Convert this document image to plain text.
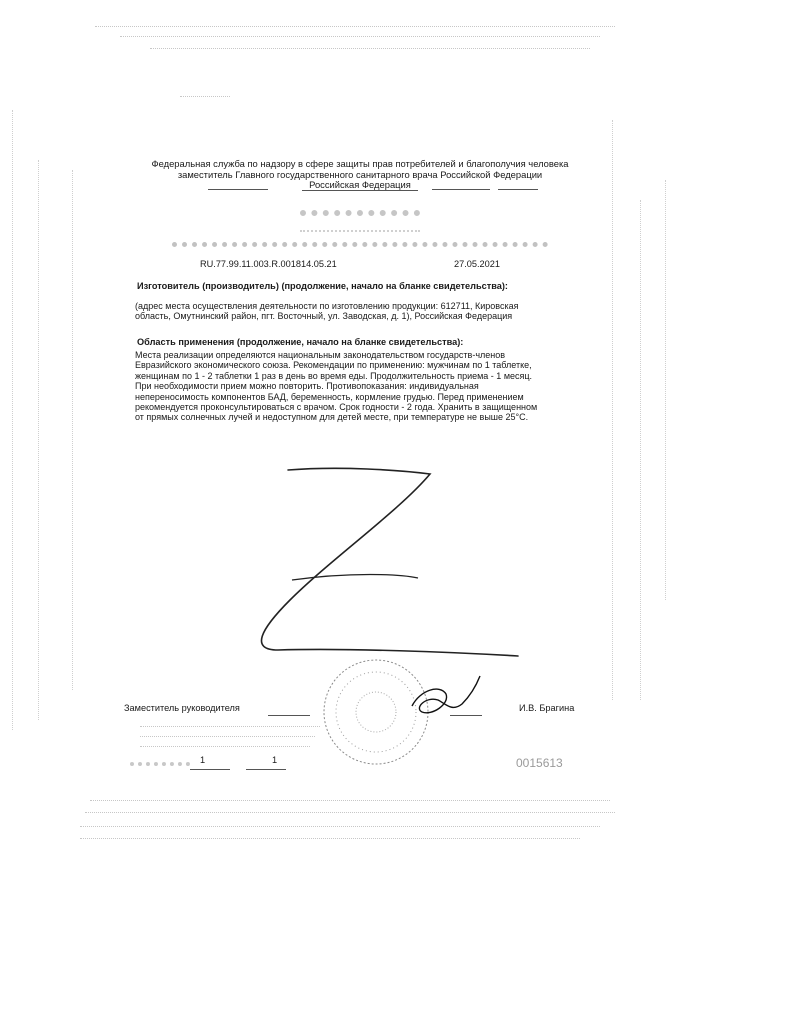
Федеральная служба по надзору в сфере защиты прав потребителей и благополучия человека
заместитель Главного государственного санитарного врача Российской Федерации
Российская Федерация
RU.77.99.11.003.R.001814.05.21	27.05.2021
Изготовитель (производитель) (продолжение, начало на бланке свидетельства):
(адрес места осуществления деятельности по изготовлению продукции: 612711, Кировская
область, Омутнинский район, пгт. Восточный, ул. Заводская, д. 1), Российская Федерация
Область применения (продолжение, начало на бланке свидетельства):
Места реализации определяются национальным законодательством государств-членов
Евразийского экономического союза. Рекомендации по применению: мужчинам по 1 таблетке,
женщинам по 1 - 2 таблетки 1 раз в день во время еды. Продолжительность приема - 1 месяц.
При необходимости прием можно повторить. Противопоказания: индивидуальная
непереносимость компонентов БАД, беременность, кормление грудью. Перед применением
рекомендуется проконсультироваться с врачом. Срок годности - 2 года. Хранить в защищенном
от прямых солнечных лучей и недоступном для детей месте, при температуре не выше 25°С.
Заместитель руководителя	И.В. Брагина
1	1	0015613
